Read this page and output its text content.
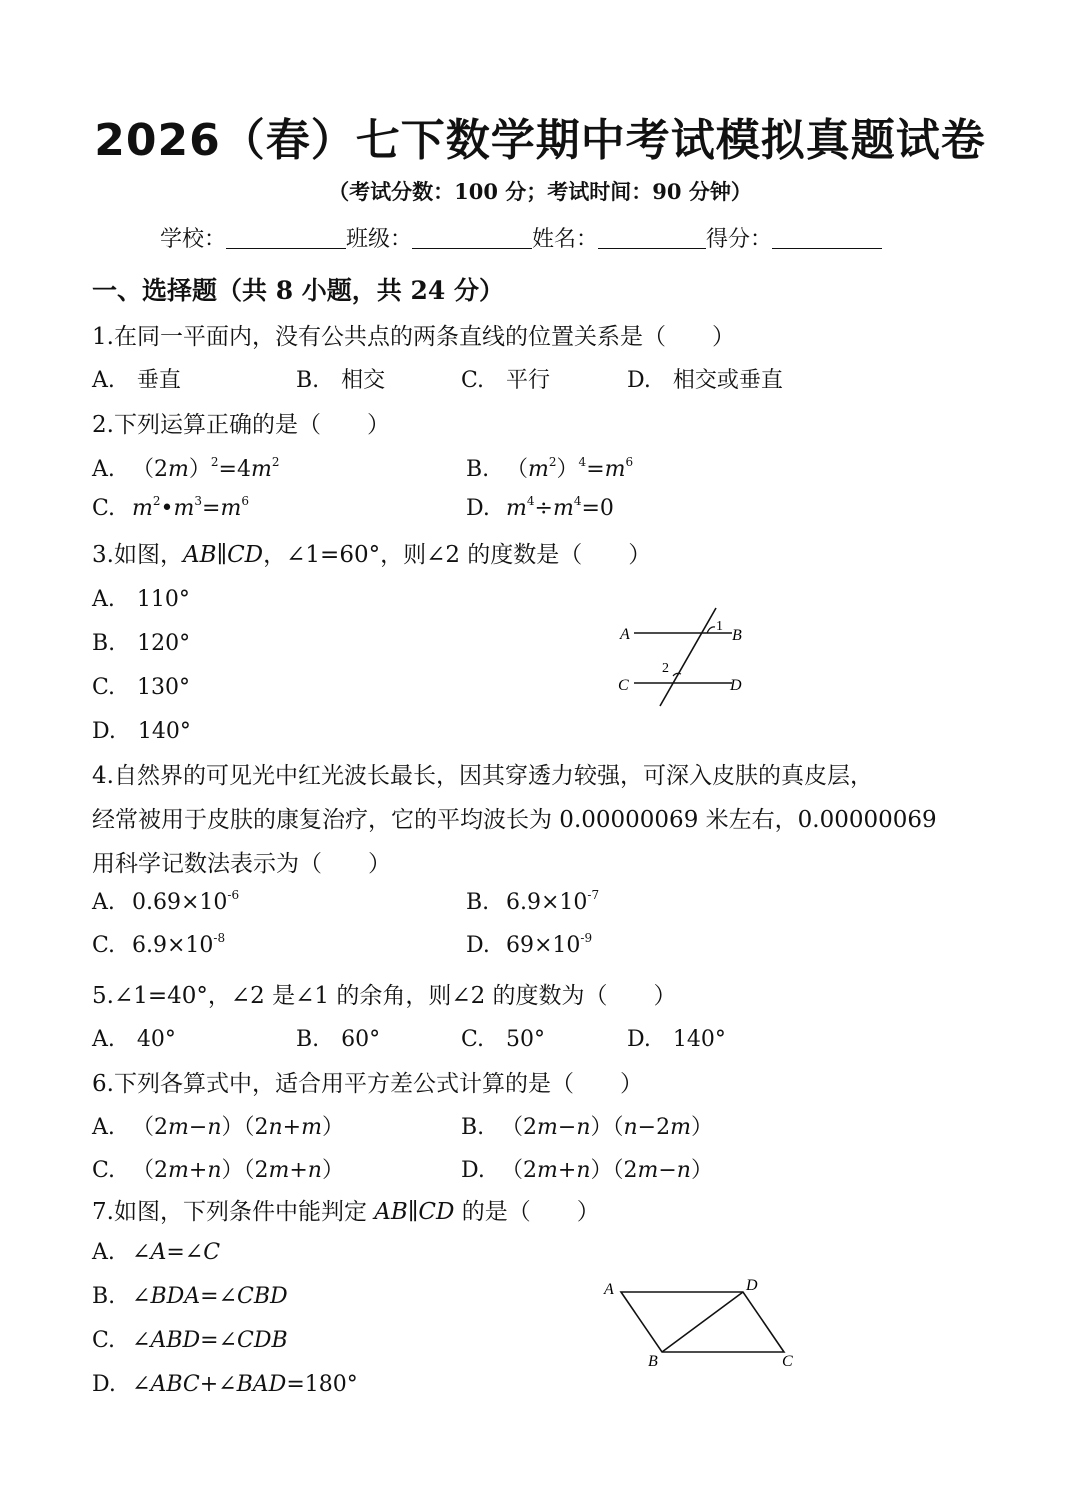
2026（春）七下数学期中考试模拟真题试卷
（考试分数：100 分；考试时间：90 分钟）
学校：	班级：	姓名：	得分：
一、选择题（共 8 小题，共 24 分）
1.在同一平面内，没有公共点的两条直线的位置关系是（　　）
A.　垂直	B.　相交	C.　平行	D.　相交或垂直
2.下列运算正确的是（　　）
A. $(2m)^2=4m^2$	B. $(m^2)^4=m^6$
C. $m^2•m^3=m^6$	D. $m^4\div m^4=0$
3.如图，AB∥CD，∠1=60°，则∠2 的度数是（　　）
A.　110°
B.　120°
C.　130°
D.　140°
A	B
C	D
1
2
4.自然界的可见光中红光波长最长，因其穿透力较强，可深入皮肤的真皮层，
经常被用于皮肤的康复治疗，它的平均波长为 0.00000069 米左右，0.00000069
用科学记数法表示为（　　）
A. $0.69\times 10^{-6}$	B. $6.9\times 10^{-7}$
C. $6.9\times 10^{-8}$	D. $69\times 10^{-9}$
5.∠1=40°，∠2 是∠1 的余角，则∠2 的度数为（　　）
A.　40°	B.　60°	C.　50°	D.　140°
6.下列各算式中，适合用平方差公式计算的是（　　）
A. （2m−n）（2n+m）	B. （2m−n）（n−2m）
C. （2m+n）（2m+n）	D. （2m+n）（2m−n）
7.如图，下列条件中能判定 AB∥CD 的是（　　）
A. ∠A=∠C
B. ∠BDA=∠CBD
C. ∠ABD=∠CDB
D. ∠ABC+∠BAD=180°
A	D
B	C
